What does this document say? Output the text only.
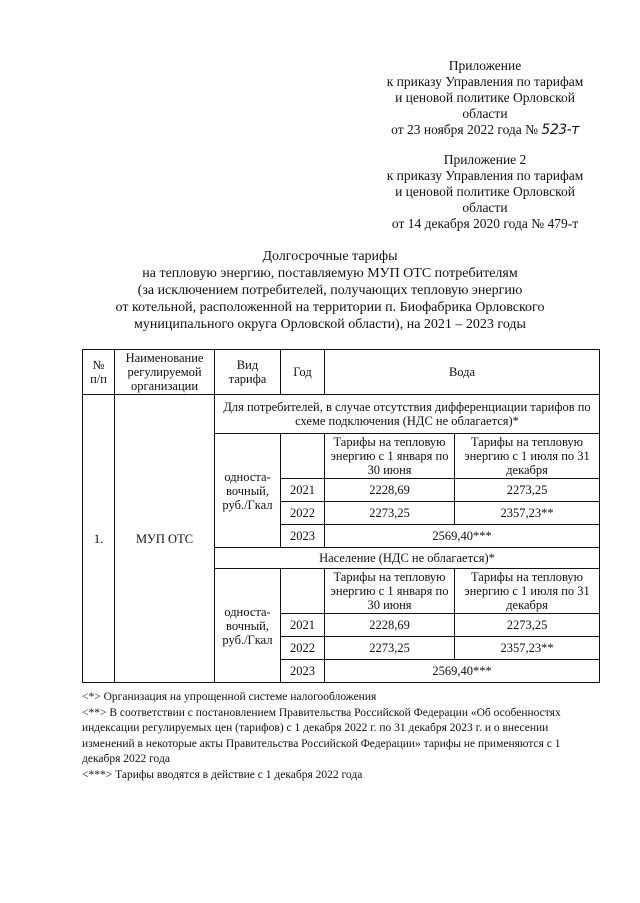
Приложение
к приказу Управления по тарифам
и ценовой политике Орловской
области
от 23 ноября 2022 года № 523-т
Приложение 2
к приказу Управления по тарифам
и ценовой политике Орловской
области
от 14 декабря 2020 года № 479-т
Долгосрочные тарифы
на тепловую энергию, поставляемую МУП ОТС потребителям
(за исключением потребителей, получающих тепловую энергию
от котельной, расположенной на территории п. Биофабрика Орловского
муниципального округа Орловской области), на 2021 – 2023 годы
№ п/п	Наименование регулируемой организации	Вид тарифа	Год	Вода	
1.	МУП ОТС	Для потребителей, в случае отсутствия дифференциации тарифов по схеме подключения (НДС не облагается)*			
		односта-вочный, руб./Гкал		Тарифы на тепловую энергию с 1 января по 30 июня	Тарифы на тепловую энергию с 1 июля по 31 декабря
			2021	2228,69	2273,25
			2022	2273,25	2357,23**
			2023	2569,40***	
		Население (НДС не облагается)*			
		односта-вочный, руб./Гкал		Тарифы на тепловую энергию с 1 января по 30 июня	Тарифы на тепловую энергию с 1 июля по 31 декабря
			2021	2228,69	2273,25
			2022	2273,25	2357,23**
			2023	2569,40***	
<*> Организация на упрощенной системе налогообложения
<**> В соответствии с постановлением Правительства Российской Федерации «Об особенностях индексации регулируемых цен (тарифов) с 1 декабря 2022 г. по 31 декабря 2023 г. и о внесении изменений в некоторые акты Правительства Российской Федерации» тарифы не применяются с 1 декабря 2022 года
<***> Тарифы вводятся в действие с 1 декабря 2022 года
